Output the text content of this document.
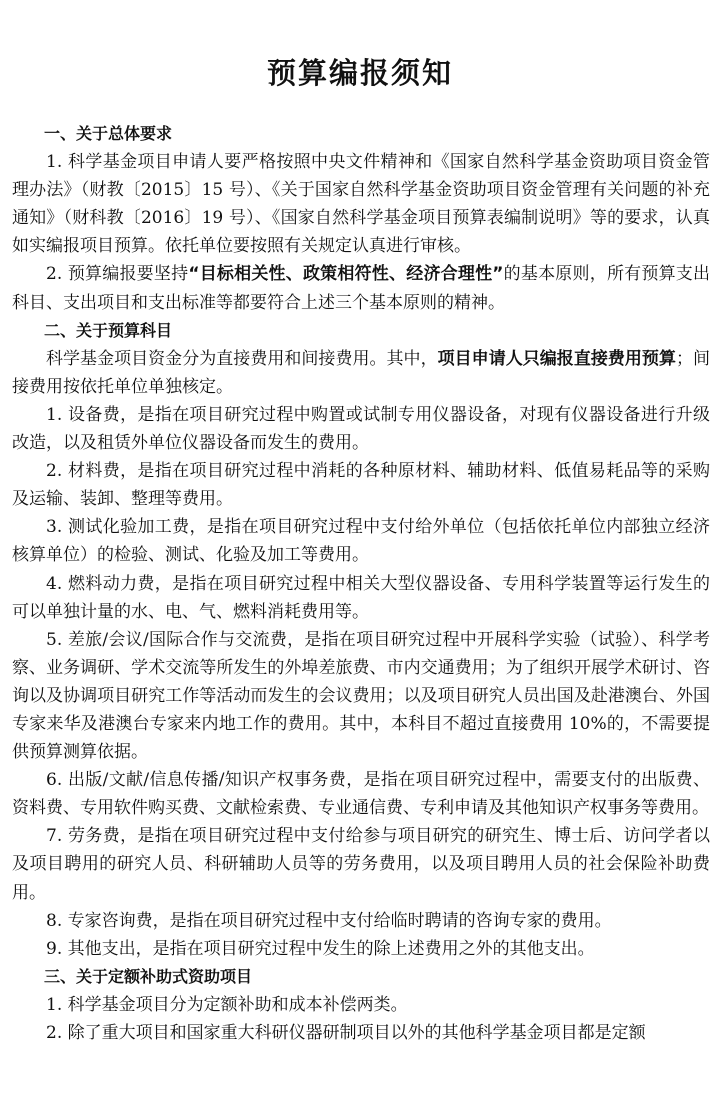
预算编报须知

一、关于总体要求

1. 科学基金项目申请人要严格按照中央文件精神和《国家自然科学基金资助项目资金管理办法》（财教〔2015〕15 号）、《关于国家自然科学基金资助项目资金管理有关问题的补充通知》（财科教〔2016〕19 号）、《国家自然科学基金项目预算表编制说明》等的要求，认真如实编报项目预算。依托单位要按照有关规定认真进行审核。

2. 预算编报要坚持“目标相关性、政策相符性、经济合理性”的基本原则，所有预算支出科目、支出项目和支出标准等都要符合上述三个基本原则的精神。

二、关于预算科目

科学基金项目资金分为直接费用和间接费用。其中，项目申请人只编报直接费用预算；间接费用按依托单位单独核定。

1. 设备费，是指在项目研究过程中购置或试制专用仪器设备，对现有仪器设备进行升级改造，以及租赁外单位仪器设备而发生的费用。

2. 材料费，是指在项目研究过程中消耗的各种原材料、辅助材料、低值易耗品等的采购及运输、装卸、整理等费用。

3. 测试化验加工费，是指在项目研究过程中支付给外单位（包括依托单位内部独立经济核算单位）的检验、测试、化验及加工等费用。

4. 燃料动力费，是指在项目研究过程中相关大型仪器设备、专用科学装置等运行发生的可以单独计量的水、电、气、燃料消耗费用等。

5. 差旅/会议/国际合作与交流费，是指在项目研究过程中开展科学实验（试验）、科学考察、业务调研、学术交流等所发生的外埠差旅费、市内交通费用；为了组织开展学术研讨、咨询以及协调项目研究工作等活动而发生的会议费用；以及项目研究人员出国及赴港澳台、外国专家来华及港澳台专家来内地工作的费用。其中，本科目不超过直接费用 10%的，不需要提供预算测算依据。

6. 出版/文献/信息传播/知识产权事务费，是指在项目研究过程中，需要支付的出版费、资料费、专用软件购买费、文献检索费、专业通信费、专利申请及其他知识产权事务等费用。

7. 劳务费，是指在项目研究过程中支付给参与项目研究的研究生、博士后、访问学者以及项目聘用的研究人员、科研辅助人员等的劳务费用，以及项目聘用人员的社会保险补助费用。

8. 专家咨询费，是指在项目研究过程中支付给临时聘请的咨询专家的费用。

9. 其他支出，是指在项目研究过程中发生的除上述费用之外的其他支出。

三、关于定额补助式资助项目

1. 科学基金项目分为定额补助和成本补偿两类。

2. 除了重大项目和国家重大科研仪器研制项目以外的其他科学基金项目都是定额
